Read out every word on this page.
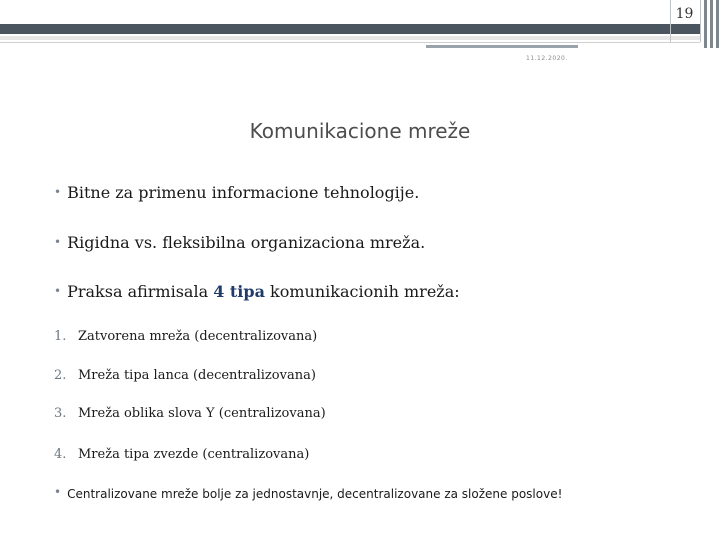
19
11.12.2020.
Komunikacione mreže
• Bitne za primenu informacione tehnologije.
• Rigidna vs. fleksibilna organizaciona mreža.
• Praksa afirmisala 4 tipa komunikacionih mreža:
1. Zatvorena mreža (decentralizovana)
2. Mreža tipa lanca (decentralizovana)
3. Mreža oblika slova Y (centralizovana)
4. Mreža tipa zvezde (centralizovana)
• Centralizovane mreže bolje za jednostavnje, decentralizovane za složene poslove!
